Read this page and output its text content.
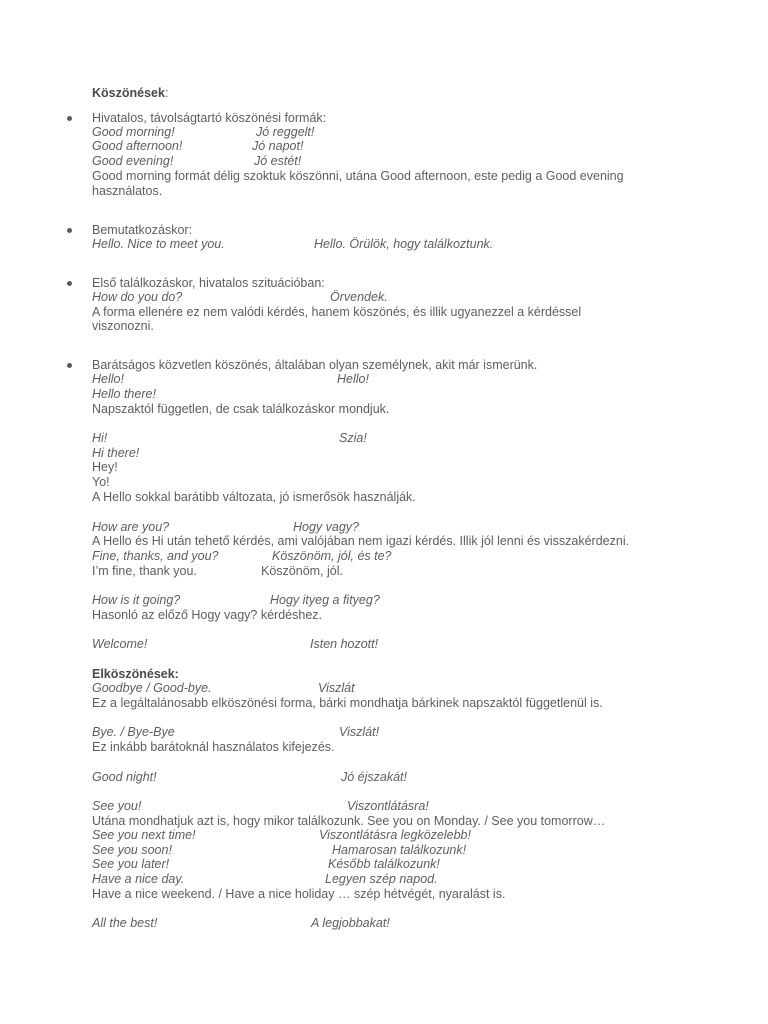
Köszönések:
Hivatalos, távolságtartó köszönési formák:
Good morning!	Jó reggelt!
Good afternoon!	Jó napot!
Good evening!	Jó estét!
Good morning formát délig szoktuk köszönni, utána Good afternoon, este pedig a Good evening
használatos.
Bemutatkozáskor:
Hello. Nice to meet you.	Hello. Örülök, hogy találkoztunk.
Első találkozáskor, hivatalos szituációban:
How do you do?	Örvendek.
A forma ellenére ez nem valódi kérdés, hanem köszönés, és illik ugyanezzel a kérdéssel
viszonozni.
Barátságos közvetlen köszönés, általában olyan személynek, akit már ismerünk.
Hello!	Hello!
Hello there!
Napszaktól független, de csak találkozáskor mondjuk.
Hi!	Szia!
Hi there!
Hey!
Yo!
A Hello sokkal barátibb változata, jó ismerősök használják.
How are you?	Hogy vagy?
A Hello és Hi után tehető kérdés, ami valójában nem igazi kérdés. Illik jól lenni és visszakérdezni.
Fine, thanks, and you?	Köszönöm, jól, és te?
I’m fine, thank you.	Köszönöm, jól.
How is it going?	Hogy ityeg a fityeg?
Hasonló az előző Hogy vagy? kérdéshez.
Welcome!	Isten hozott!
Elköszönések:
Goodbye / Good-bye.	Viszlát
Ez a legáltalánosabb elköszönési forma, bárki mondhatja bárkinek napszaktól függetlenül is.
Bye. / Bye-Bye	Viszlát!
Ez inkább barátoknál használatos kifejezés.
Good night!	Jó éjszakát!
See you!	Viszontlátásra!
Utána mondhatjuk azt is, hogy mikor találkozunk. See you on Monday. / See you tomorrow…
See you next time!	Viszontlátásra legközelebb!
See you soon!	Hamarosan találkozunk!
See you later!	Később találkozunk!
Have a nice day.	Legyen szép napod.
Have a nice weekend. / Have a nice holiday … szép hétvégét, nyaralást is.
All the best!	A legjobbakat!
